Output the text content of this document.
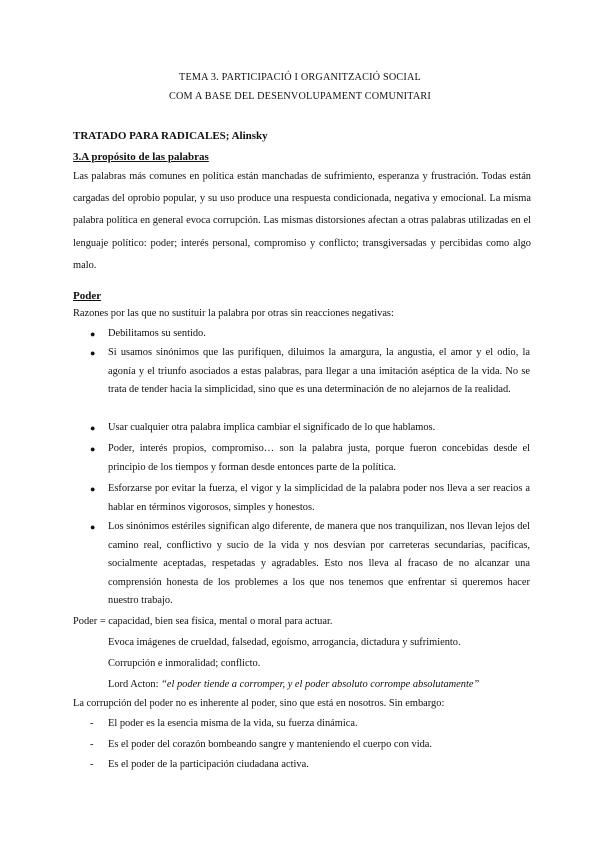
TEMA 3. PARTICIPACIÓ I ORGANITZACIÓ SOCIAL
COM A BASE DEL DESENVOLUPAMENT COMUNITARI
TRATADO PARA RADICALES; Alinsky
3.A propósito de las palabras
Las palabras más comunes en política están manchadas de sufrimiento, esperanza y frustración. Todas están cargadas del oprobio popular, y su uso produce una respuesta condicionada, negativa y emocional. La misma palabra política en general evoca corrupción. Las mismas distorsiones afectan a otras palabras utilizadas en el lenguaje político: poder; interés personal, compromiso y conflicto; transgiversadas y percibidas como algo malo.
Poder
Razones por las que no sustituir la palabra por otras sin reacciones negativas:
● Debilitamos su sentido.
● Si usamos sinónimos que las purifiquen, diluimos la amargura, la angustia, el amor y el odio, la agonía y el triunfo asociados a estas palabras, para llegar a una imitación aséptica de la vida. No se trata de tender hacia la simplicidad, sino que es una determinación de no alejarnos de la realidad.
● Usar cualquier otra palabra implica cambiar el significado de lo que hablamos.
● Poder, interés propios, compromiso… son la palabra justa, porque fueron concebidas desde el principio de los tiempos y forman desde entonces parte de la política.
● Esforzarse por evitar la fuerza, el vigor y la simplicidad de la palabra poder nos lleva a ser reacios a hablar en términos vigorosos, simples y honestos.
● Los sinónimos estériles significan algo diferente, de manera que nos tranquilizan, nos llevan lejos del camino real, conflictivo y sucio de la vida y nos desvían por carreteras secundarias, pacíficas, socialmente aceptadas, respetadas y agradables. Esto nos lleva al fracaso de no alcanzar una comprensión honesta de los problemes a los que nos tenemos que enfrentar si queremos hacer nuestro trabajo.
Poder = capacidad, bien sea física, mental o moral para actuar.
Evoca imágenes de crueldad, falsedad, egoísmo, arrogancia, dictadura y sufrimiento.
Corrupción e inmoralidad; conflicto.
Lord Acton: “el poder tiende a corromper, y el poder absoluto corrompe absolutamente”
La corrupción del poder no es inherente al poder, sino que está en nosotros. Sin embargo:
- El poder es la esencia misma de la vida, su fuerza dinámica.
- Es el poder del corazón bombeando sangre y manteniendo el cuerpo con vida.
- Es el poder de la participación ciudadana activa.
